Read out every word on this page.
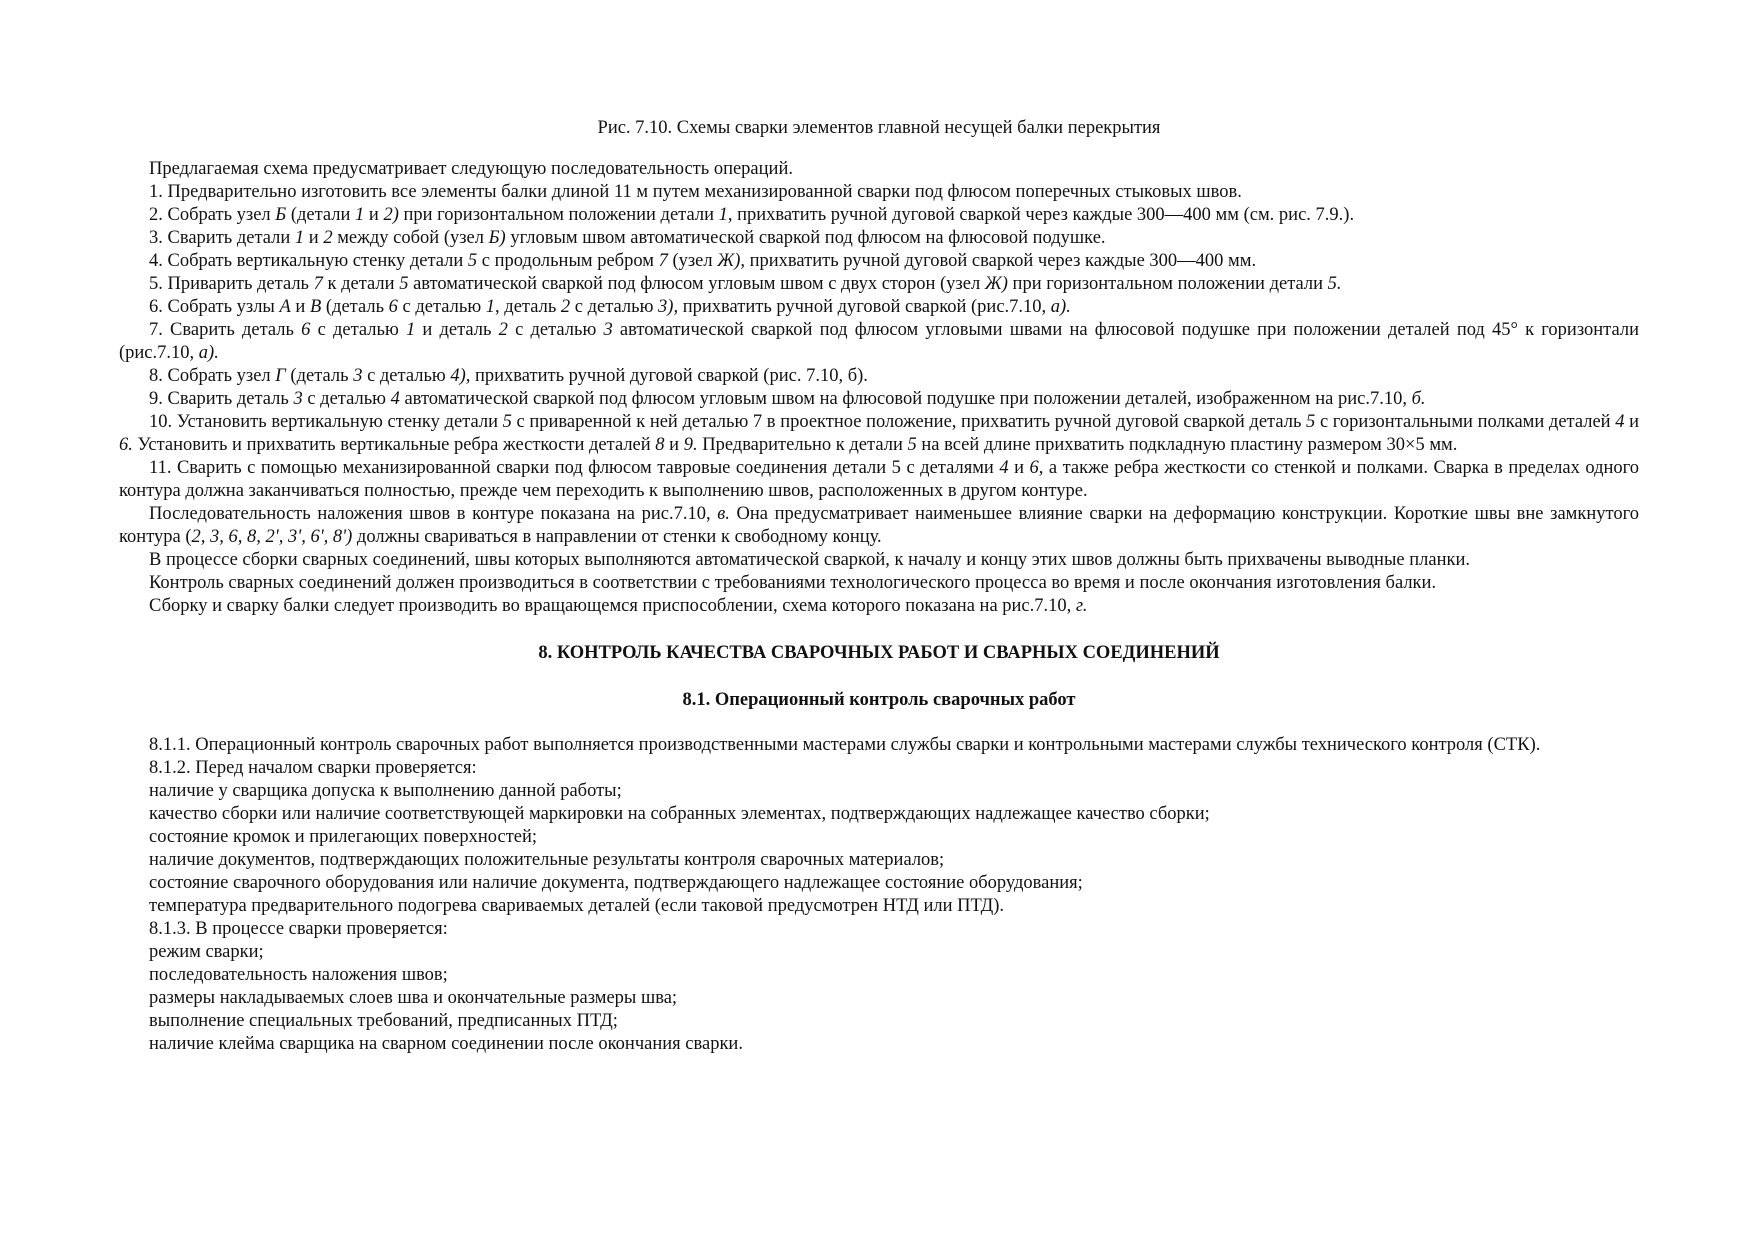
Рис. 7.10. Схемы сварки элементов главной несущей балки перекрытия

Предлагаемая схема предусматривает следующую последовательность операций.

1. Предварительно изготовить все элементы балки длиной 11 м путем механизированной сварки под флюсом поперечных стыковых швов.

2. Собрать узел Б (детали 1 и 2) при горизонтальном положении детали 1, прихватить ручной дуговой сваркой через каждые 300—400 мм (см. рис. 7.9.).

3. Сварить детали 1 и 2 между собой (узел Б) угловым швом автоматической сваркой под флюсом на флюсовой подушке.

4. Собрать вертикальную стенку детали 5 с продольным ребром 7 (узел Ж), прихватить ручной дуговой сваркой через каждые 300—400 мм.

5. Приварить деталь 7 к детали 5 автоматической сваркой под флюсом угловым швом с двух сторон (узел Ж) при горизонтальном положении детали 5.

6. Собрать узлы А и В (деталь 6 с деталью 1, деталь 2 с деталью 3), прихватить ручной дуговой сваркой (рис.7.10, а).

7. Сварить деталь 6 с деталью 1 и деталь 2 с деталью 3 автоматической сваркой под флюсом угловыми швами на флюсовой подушке при положении деталей под 45° к горизонтали (рис.7.10, а).

8. Собрать узел Г (деталь 3 с деталью 4), прихватить ручной дуговой сваркой (рис. 7.10, б).

9. Сварить деталь 3 с деталью 4 автоматической сваркой под флюсом угловым швом на флюсовой подушке при положении деталей, изображенном на рис.7.10, б.

10. Установить вертикальную стенку детали 5 с приваренной к ней деталью 7 в проектное положение, прихватить ручной дуговой сваркой деталь 5 с горизонтальными полками деталей 4 и 6. Установить и прихватить вертикальные ребра жесткости деталей 8 и 9. Предварительно к детали 5 на всей длине прихватить подкладную пластину размером 30×5 мм.

11. Сварить с помощью механизированной сварки под флюсом тавровые соединения детали 5 с деталями 4 и 6, а также ребра жесткости со стенкой и полками. Сварка в пределах одного контура должна заканчиваться полностью, прежде чем переходить к выполнению швов, расположенных в другом контуре.

Последовательность наложения швов в контуре показана на рис.7.10, в. Она предусматривает наименьшее влияние сварки на деформацию конструкции. Короткие швы вне замкнутого контура (2, 3, 6, 8, 2', 3', 6', 8') должны свариваться в направлении от стенки к свободному концу.

В процессе сборки сварных соединений, швы которых выполняются автоматической сваркой, к началу и концу этих швов должны быть прихвачены выводные планки.

Контроль сварных соединений должен производиться в соответствии с требованиями технологического процесса во время и после окончания изготовления балки.

Сборку и сварку балки следует производить во вращающемся приспособлении, схема которого показана на рис.7.10, г.

8. КОНТРОЛЬ КАЧЕСТВА СВАРОЧНЫХ РАБОТ И СВАРНЫХ СОЕДИНЕНИЙ
8.1. Операционный контроль сварочных работ

8.1.1. Операционный контроль сварочных работ выполняется производственными мастерами службы сварки и контрольными мастерами службы технического контроля (СТК).

8.1.2. Перед началом сварки проверяется:

наличие у сварщика допуска к выполнению данной работы;

качество сборки или наличие соответствующей маркировки на собранных элементах, подтверждающих надлежащее качество сборки;

состояние кромок и прилегающих поверхностей;

наличие документов, подтверждающих положительные результаты контроля сварочных материалов;

состояние сварочного оборудования или наличие документа, подтверждающего надлежащее состояние оборудования;

температура предварительного подогрева свариваемых деталей (если таковой предусмотрен НТД или ПТД).

8.1.3. В процессе сварки проверяется:

режим сварки;

последовательность наложения швов;

размеры накладываемых слоев шва и окончательные размеры шва;

выполнение специальных требований, предписанных ПТД;

наличие клейма сварщика на сварном соединении после окончания сварки.
